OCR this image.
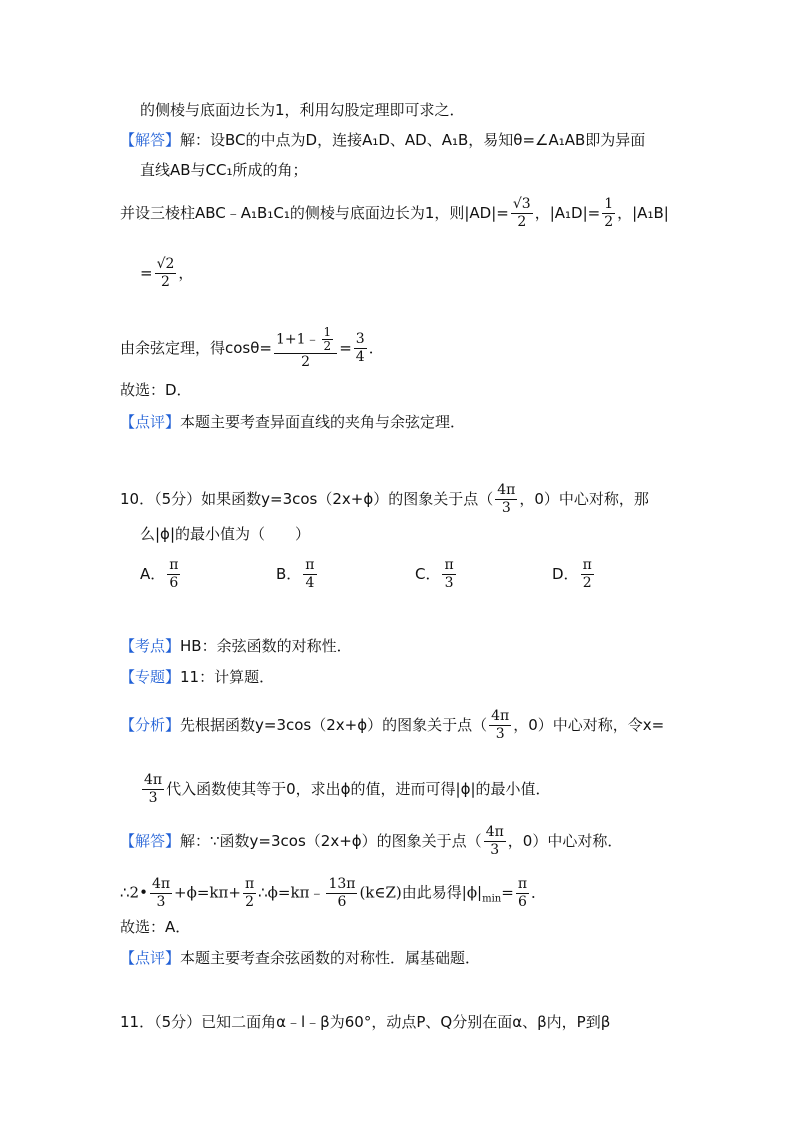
的侧棱与底面边长为1，利用勾股定理即可求之．
【解答】解：设BC的中点为D，连接A₁D、AD、A₁B，易知θ=∠A₁AB即为异面
直线AB与CC₁所成的角；
并设三棱柱ABC﹣A₁B₁C₁的侧棱与底面边长为1，则$|AD|= \frac{√3}{2}$ ，$|A_1D|= \frac{1}{2}$ ，|A₁B|
= $\frac{√2}{2}$ ，
由余弦定理，得$\cos\theta= \frac{1+1﹣ \frac{1}{2}}{2} = \frac{3}{4}$ ．
故选：D．
【点评】本题主要考查异面直线的夹角与余弦定理．
10．（5分）如果函数y=3cos（2x+ϕ）的图象关于点（ $\frac{4\pi}{3}$ ，0）中心对称，那
么|ϕ|的最小值为（　　）
A． $\frac{\pi}{6}$	B． $\frac{\pi}{4}$	C． $\frac{\pi}{3}$	D． $\frac{\pi}{2}$
【考点】HB：余弦函数的对称性．
【专题】11：计算题．
【分析】先根据函数y=3cos（2x+ϕ）的图象关于点（ $\frac{4\pi}{3}$ ，0）中心对称，令x=
$\frac{4\pi}{3}$ 代入函数使其等于0，求出ϕ的值，进而可得|ϕ|的最小值．
【解答】解：∵函数y=3cos（2x+ϕ）的图象关于点（ $\frac{4\pi}{3}$ ，0）中心对称．
∴2• $\frac{4\pi}{3} +\phi=k\pi+ \frac{\pi}{2}$ ∴ϕ=kπ﹣ $\frac{13\pi}{6}$ (k∈Z)由此易得$|\phi|_{min}= \frac{\pi}{6}$ ．
故选：A．
【点评】本题主要考查余弦函数的对称性．属基础题．
11．（5分）已知二面角α﹣l﹣β为60°，动点P、Q分别在面α、β内，P到β
